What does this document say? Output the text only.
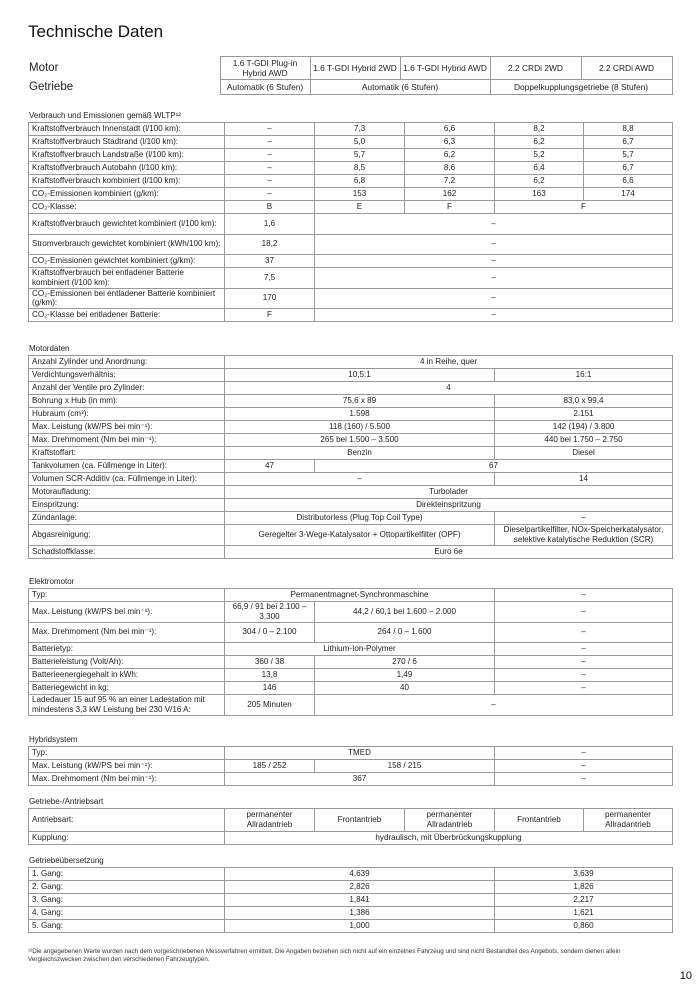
Technische Daten
Motor	1.6 T-GDI Plug-in Hybrid AWD	1.6 T-GDI Hybrid 2WD	1.6 T-GDI Hybrid AWD	2.2 CRDi 2WD	2.2 CRDi AWD
Getriebe	Automatik (6 Stufen)	Automatik (6 Stufen)		Doppelkupplungsgetriebe (8 Stufen)	
Verbrauch und Emissionen gemäß WLTP¹²
Kraftstoffverbrauch Innenstadt (l/100 km):	–	7,3	6,6	8,2	8,8
Kraftstoffverbrauch Stadtrand (l/100 km):	–	5,0	6,3	6,2	6,7
Kraftstoffverbrauch Landstraße (l/100 km):	–	5,7	6,2	5,2	5,7
Kraftstoffverbrauch Autobahn (l/100 km):	–	8,5	8,6	6,4	6,7
Kraftstoffverbrauch kombiniert (l/100 km):	–	6,8	7,2	6,2	6,6
CO₂-Emissionen kombiniert (g/km):	–	153	162	163	174
CO₂-Klasse:	B	E	F	F	
Kraftstoffverbrauch gewichtet kombiniert (l/100 km):	1,6	–			
Stromverbrauch gewichtet kombiniert (kWh/100 km):	18,2	–			
CO₂-Emissionen gewichtet kombiniert (g/km):	37	–			
Kraftstoffverbrauch bei entladener Batterie kombiniert (l/100 km):	7,5	–			
CO₂-Emissionen bei entladener Batterie kombiniert (g/km):	170	–			
CO₂-Klasse bei entladener Batterie:	F	–			
Motordaten
Anzahl Zylinder und Anordnung:	4 in Reihe, quer		
Verdichtungsverhältnis:	10,5:1		16:1
Anzahl der Ventile pro Zylinder:	4		
Bohrung x Hub (in mm):	75,6 x 89		83,0 x 99,4
Hubraum (cm³):	1.598		2.151
Max. Leistung (kW/PS bei min⁻¹):	118 (160) / 5.500		142 (194) / 3.800
Max. Drehmoment (Nm bei min⁻¹):	265 bei 1.500 – 3.500		440 bei 1.750 – 2.750
Kraftstoffart:	Benzin		Diesel
Tankvolumen (ca. Füllmenge in Liter):	47	67	
Volumen SCR-Additiv (ca. Füllmenge in Liter):	–		14
Motoraufladung:	Turbolader		
Einspritzung:	Direkteinspritzung		
Zündanlage:	Distributorless (Plug Top Coil Type)		–
Abgasreinigung:	Geregelter 3-Wege-Katalysator + Ottopartikelfilter (OPF)		Dieselpartikelfilter, NOx-Speicherkatalysator, selektive katalytische Reduktion (SCR)
Schadstoffklasse:	Euro 6e		
Elektromotor
Typ:	Permanentmagnet-Synchronmaschine		–
Max. Leistung (kW/PS bei min⁻¹):	66,9 / 91 bei 2.100 – 3.300	44,2 / 60,1 bei 1.600 – 2.000	–
Max. Drehmoment (Nm bei min⁻¹):	304 / 0 – 2.100	264 / 0 – 1.600	–
Batterietyp:	Lithium-Ion-Polymer		–
Batterieleistung (Volt/Ah):	360 / 38	270 / 6	–
Batterieenergiegehalt in kWh:	13,8	1,49	–
Batteriegewicht in kg:	146	40	–
Ladedauer 15 auf 95 % an einer Ladestation mit mindestens 3,3 kW Leistung bei 230 V/16 A:	205 Minuten	–	
Hybridsystem
Typ:	TMED		–
Max. Leistung (kW/PS bei min⁻¹):	185 / 252	158 / 215	–
Max. Drehmoment (Nm bei min⁻¹):	367		–
Getriebe-/Antriebsart
Antriebsart:	permanenter Allradantrieb	Frontantrieb	permanenter Allradantrieb	Frontantrieb	permanenter Allradantrieb
Kupplung:	hydraulisch, mit Überbrückungskupplung				
Getriebeübersetzung
1. Gang:	4,639	3,639
2. Gang:	2,826	1,826
3. Gang:	1,841	2,217
4. Gang:	1,386	1,621
5. Gang:	1,000	0,860
¹²Die angegebenen Werte wurden nach dem vorgeschriebenen Messverfahren ermittelt. Die Angaben beziehen sich nicht auf ein einzelnes Fahrzeug und sind nicht Bestandteil des Angebots, sondern dienen allein Vergleichszwecken zwischen den verschiedenen Fahrzeugtypen.
10
